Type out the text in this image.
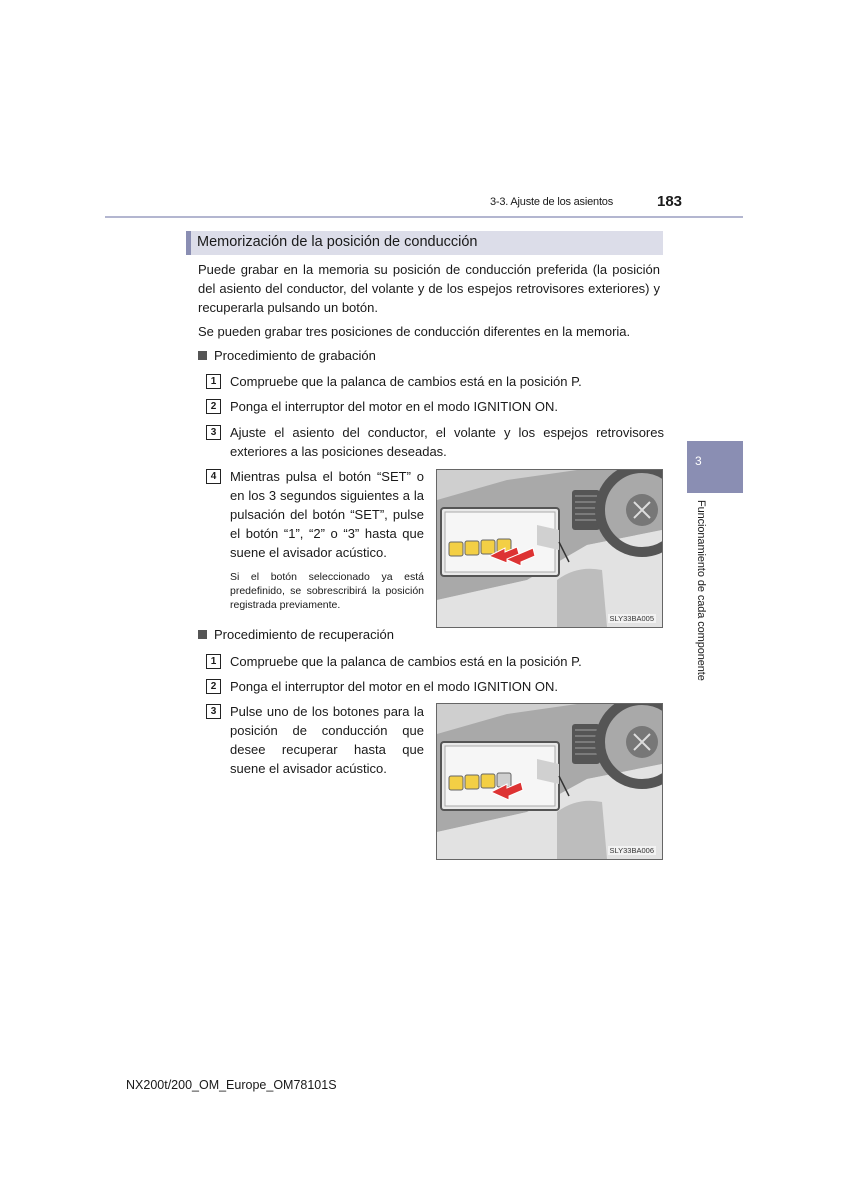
3-3. Ajuste de los asientos	183
3
Funcionamiento de cada componente
Memorización de la posición de conducción
Puede grabar en la memoria su posición de conducción preferida (la posición del asiento del conductor, del volante y de los espejos retrovisores exteriores) y recuperarla pulsando un botón.
Se pueden grabar tres posiciones de conducción diferentes en la memoria.
Procedimiento de grabación
1	Compruebe que la palanca de cambios está en la posición P.
2	Ponga el interruptor del motor en el modo IGNITION ON.
3	Ajuste el asiento del conductor, el volante y los espejos retrovisores exteriores a las posiciones deseadas.
4	Mientras pulsa el botón “SET” o en los 3 segundos siguientes a la pulsación del botón “SET”, pulse el botón “1”, “2” o “3” hasta que suene el avisador acústico.
Si el botón seleccionado ya está predefinido, se sobrescribirá la posición registrada previamente.
SLY33BA005
Procedimiento de recuperación
1	Compruebe que la palanca de cambios está en la posición P.
2	Ponga el interruptor del motor en el modo IGNITION ON.
3	Pulse uno de los botones para la posición de conducción que desee recuperar hasta que suene el avisador acústico.
SLY33BA006
NX200t/200_OM_Europe_OM78101S
